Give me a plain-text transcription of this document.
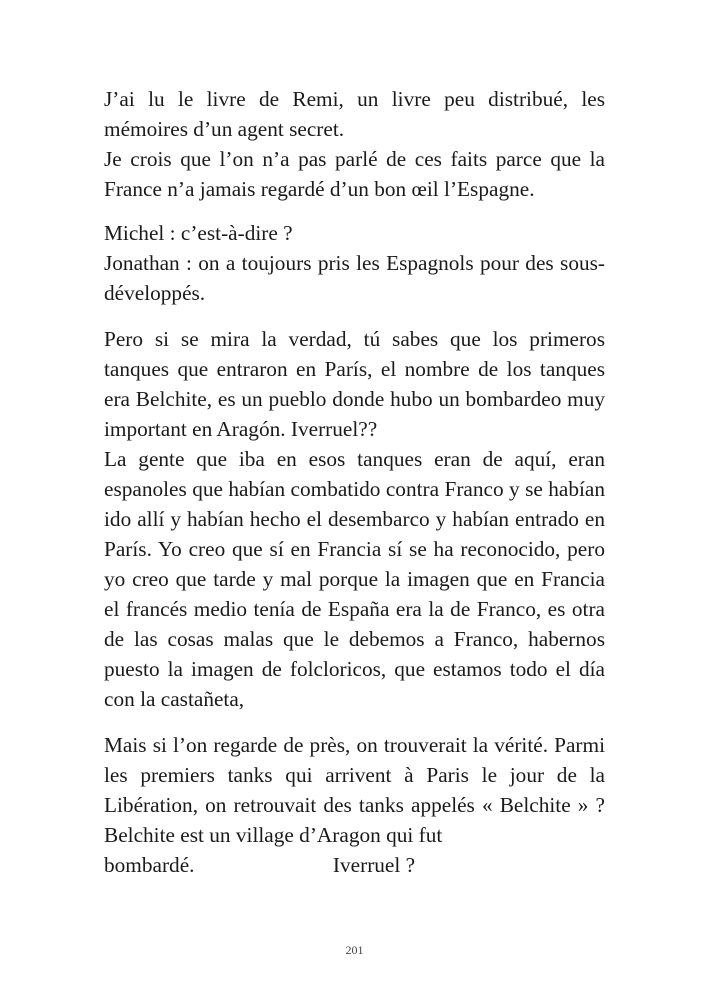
J’ai lu le livre de Remi, un livre peu distribué, les mémoires d’un agent secret.

Je crois que l’on n’a pas parlé de ces faits parce que la France n’a jamais regardé d’un bon œil l’Espagne.

Michel : c’est-à-dire ?

Jonathan : on a toujours pris les Espagnols pour des sous-développés.

Pero si se mira la verdad, tú sabes que los primeros tanques que entraron en París, el nombre de los tanques era Belchite, es un pueblo donde hubo un bombardeo muy important en Aragón. Iverruel??

La gente que iba en esos tanques eran de aquí, eran espanoles que habían combatido contra Franco y se habían ido allí y habían hecho el desembarco y habían entrado en París. Yo creo que sí en Francia sí se ha reconocido, pero yo creo que tarde y mal porque la imagen que en Francia el francés medio tenía de España era la de Franco, es otra de las cosas malas que le debemos a Franco, habernos puesto la imagen de folcloricos, que estamos todo el día con la castañeta,

Mais si l’on regarde de près, on trouverait la vérité. Parmi les premiers tanks qui arrivent à Paris le jour de la Libération, on retrouvait des tanks appelés « Belchite » ? Belchite est un village d’Aragon qui fut

bombardé.                          Iverruel ?

201
